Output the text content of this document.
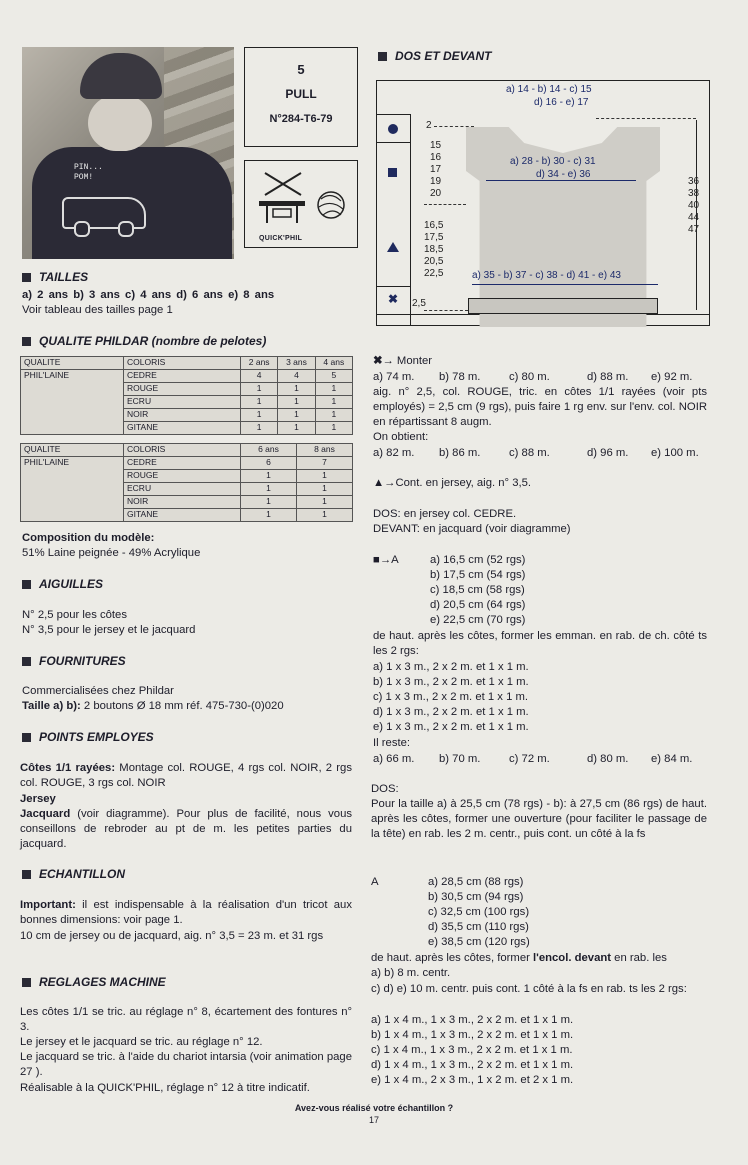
PIN...
POM!
5
PULL
N°284-T6-79
QUICK'PHIL
TAILLES
a) 2 ans b) 3 ans c) 4 ans d) 6 ans e) 8 ans
Voir tableau des tailles page 1
QUALITE PHILDAR (nombre de pelotes)
QUALITE	COLORIS	2 ans	3 ans	4 ans
PHIL'LAINE	CEDRE	4	4	5
	ROUGE	1	1	1
	ECRU	1	1	1
	NOIR	1	1	1
	GITANE	1	1	1
QUALITE	COLORIS	6 ans	8 ans
PHIL'LAINE	CEDRE	6	7
	ROUGE	1	1
	ECRU	1	1
	NOIR	1	1
	GITANE	1	1
Composition du modèle:
51% Laine peignée - 49% Acrylique
AIGUILLES
N° 2,5 pour les côtes
N° 3,5 pour le jersey et le jacquard
FOURNITURES
Commercialisées chez Phildar
Taille a) b): 2 boutons Ø 18 mm réf. 475-730-(0)020
POINTS EMPLOYES
Côtes 1/1 rayées: Montage col. ROUGE, 4 rgs col. NOIR, 2 rgs col. ROUGE, 3 rgs col. NOIR
Jersey
Jacquard (voir diagramme). Pour plus de facilité, nous vous conseillons de rebroder au pt de m. les petites parties du jacquard.
ECHANTILLON
Important: il est indispensable à la réalisation d'un tricot aux bonnes dimensions: voir page 1.
10 cm de jersey ou de jacquard, aig. n° 3,5 = 23 m. et 31 rgs
REGLAGES MACHINE
Les côtes 1/1 se tric. au réglage n° 8, écartement des fontures n° 3.
Le jersey et le jacquard se tric. au réglage n° 12.
Le jacquard se tric. à l'aide du chariot intarsia (voir animation page 27 ).
Réalisable à la QUICK'PHIL, réglage n° 12 à titre indicatif.
DOS ET DEVANT
✖
a) 14 - b) 14 - c) 15
d) 16 - e) 17
2
15
16
17
19
20
a) 28 - b) 30 - c) 31
d) 34 - e) 36
36
38
40
44
47
16,5
17,5
18,5
20,5
22,5	a) 35 - b) 37 - c) 38 - d) 41 - e) 43
2,5
✖→ Monter
a) 74 m. b) 78 m.	c) 80 m.	d) 88 m. e) 92 m.
aig. n° 2,5, col. ROUGE, tric. en côtes 1/1 rayées (voir pts employés) = 2,5 cm (9 rgs), puis faire 1 rg env. sur l'env. col. NOIR en répartissant 8 augm.
On obtient:
a) 82 m. b) 86 m.	c) 88 m.	d) 96 m. e) 100 m.
▲→Cont. en jersey, aig. n° 3,5.
DOS: en jersey col. CEDRE.
DEVANT: en jacquard (voir diagramme)
■→A	a) 16,5 cm (52 rgs)
b) 17,5 cm (54 rgs)
c) 18,5 cm (58 rgs)
d) 20,5 cm (64 rgs)
e) 22,5 cm (70 rgs)
de haut. après les côtes, former les emman. en rab. de ch. côté ts les 2 rgs:
a) 1 x 3 m., 2 x 2 m. et 1 x 1 m.
b) 1 x 3 m., 2 x 2 m. et 1 x 1 m.
c) 1 x 3 m., 2 x 2 m. et 1 x 1 m.
d) 1 x 3 m., 2 x 2 m. et 1 x 1 m.
e) 1 x 3 m., 2 x 2 m. et 1 x 1 m.
Il reste:
a) 66 m. b) 70 m.	c) 72 m.	d) 80 m. e) 84 m.
DOS:
Pour la taille a) à 25,5 cm (78 rgs) - b): à 27,5 cm (86 rgs) de haut. après les côtes, former une ouverture (pour faciliter le passage de la tête) en rab. les 2 m. centr., puis cont. un côté à la fs
A	a) 28,5 cm (88 rgs)
b) 30,5 cm (94 rgs)
c) 32,5 cm (100 rgs)
d) 35,5 cm (110 rgs)
e) 38,5 cm (120 rgs)
de haut. après les côtes, former l'encol. devant en rab. les
a) b) 8 m. centr.
c) d) e) 10 m. centr. puis cont. 1 côté à la fs en rab. ts les 2 rgs:
a) 1 x 4 m., 1 x 3 m., 2 x 2 m. et 1 x 1 m.
b) 1 x 4 m., 1 x 3 m., 2 x 2 m. et 1 x 1 m.
c) 1 x 4 m., 1 x 3 m., 2 x 2 m. et 1 x 1 m.
d) 1 x 4 m., 1 x 3 m., 2 x 2 m. et 1 x 1 m.
e) 1 x 4 m., 2 x 3 m., 1 x 2 m. et 2 x 1 m.
Avez-vous réalisé votre échantillon ?
17
